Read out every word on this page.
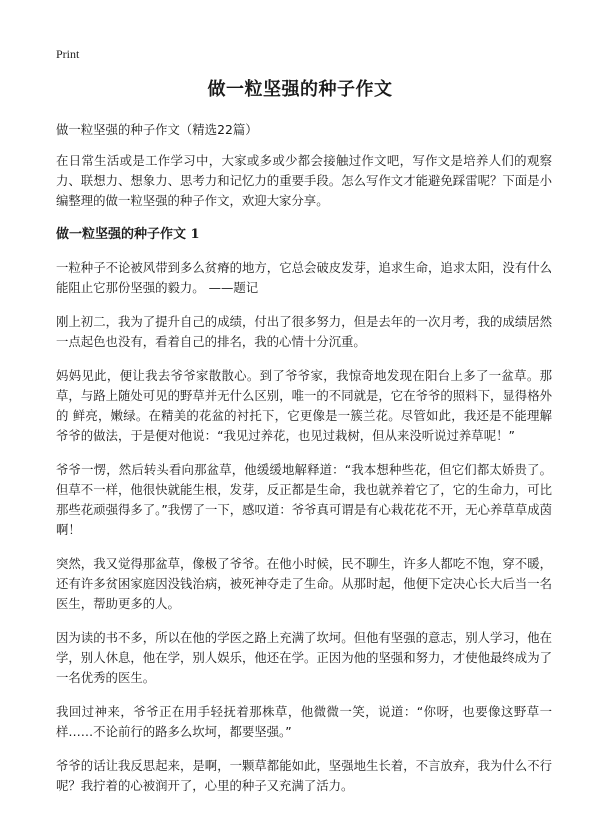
Print
做一粒坚强的种子作文

做一粒坚强的种子作文（精选22篇）

在日常生活或是工作学习中，大家或多或少都会接触过作文吧，写作文是培养人们的观察力、联想力、想象力、思考力和记忆力的重要手段。怎么写作文才能避免踩雷呢？下面是小编整理的做一粒坚强的种子作文，欢迎大家分享。

做一粒坚强的种子作文 1

一粒种子不论被风带到多么贫瘠的地方，它总会破皮发芽，追求生命，追求太阳，没有什么能阻止它那份坚强的毅力。 ——题记

刚上初二，我为了提升自己的成绩，付出了很多努力，但是去年的一次月考，我的成绩居然一点起色也没有，看着自己的排名，我的心情十分沉重。

妈妈见此，便让我去爷爷家散散心。到了爷爷家，我惊奇地发现在阳台上多了一盆草。那草，与路上随处可见的野草并无什么区别，唯一的不同就是，它在爷爷的照料下，显得格外的 鲜亮，嫩绿。在精美的花盆的衬托下，它更像是一簇兰花。尽管如此，我还是不能理解爷爷的做法，于是便对他说：“我见过养花，也见过栽树，但从来没听说过养草呢！”

爷爷一愣，然后转头看向那盆草，他缓缓地解释道：“我本想种些花，但它们都太娇贵了。但草不一样，他很快就能生根，发芽，反正都是生命，我也就养着它了，它的生命力，可比那些花顽强得多了。”我愣了一下，感叹道：爷爷真可谓是有心栽花花不开，无心养草草成茵啊！

突然，我又觉得那盆草，像极了爷爷。在他小时候，民不聊生，许多人都吃不饱，穿不暖，还有许多贫困家庭因没钱治病，被死神夺走了生命。从那时起，他便下定决心长大后当一名医生，帮助更多的人。

因为读的书不多，所以在他的学医之路上充满了坎坷。但他有坚强的意志，别人学习，他在学，别人休息，他在学，别人娱乐，他还在学。正因为他的坚强和努力，才使他最终成为了一名优秀的医生。

我回过神来，爷爷正在用手轻抚着那株草，他微微一笑，说道：“你呀，也要像这野草一样……不论前行的路多么坎坷，都要坚强。”

爷爷的话让我反思起来，是啊，一颗草都能如此，坚强地生长着，不言放弃，我为什么不行呢？我拧着的心被润开了，心里的种子又充满了活力。
